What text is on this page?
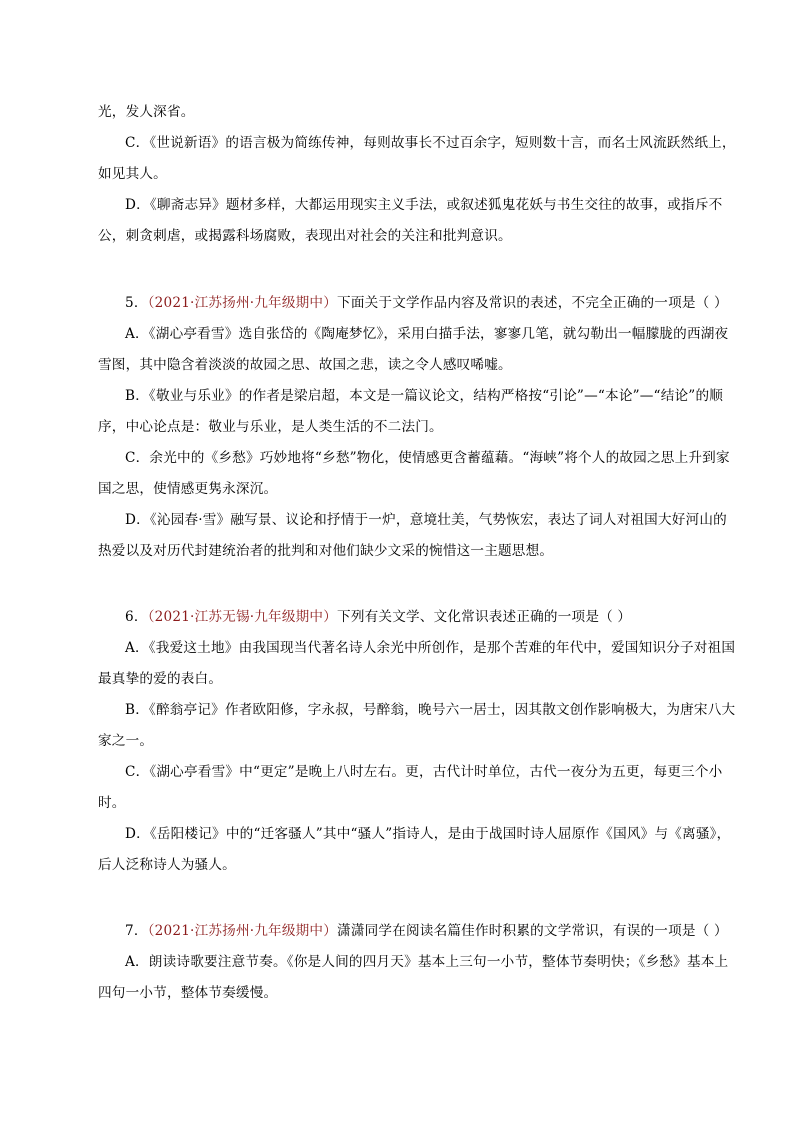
光，发人深省。
C．《世说新语》的语言极为简练传神，每则故事长不过百余字，短则数十言，而名士风流跃然纸上，
如见其人。
D．《聊斋志异》题材多样，大都运用现实主义手法，或叙述狐鬼花妖与书生交往的故事，或指斥不
公，刺贪刺虐，或揭露科场腐败，表现出对社会的关注和批判意识。
5．（2021·江苏扬州·九年级期中）下面关于文学作品内容及常识的表述，不完全正确的一项是（ ）
A．《湖心亭看雪》选自张岱的《陶庵梦忆》，采用白描手法，寥寥几笔，就勾勒出一幅朦胧的西湖夜
雪图，其中隐含着淡淡的故园之思、故国之悲，读之令人感叹唏嘘。
B．《敬业与乐业》的作者是梁启超，本文是一篇议论文，结构严格按“引论”—“本论”—“结论”的顺
序，中心论点是：敬业与乐业，是人类生活的不二法门。
C．余光中的《乡愁》巧妙地将“乡愁”物化，使情感更含蓄蕴藉。“海峡”将个人的故园之思上升到家
国之思，使情感更隽永深沉。
D．《沁园春·雪》融写景、议论和抒情于一炉，意境壮美，气势恢宏，表达了词人对祖国大好河山的
热爱以及对历代封建统治者的批判和对他们缺少文采的惋惜这一主题思想。
6．（2021·江苏无锡·九年级期中）下列有关文学、文化常识表述正确的一项是（ ）
A．《我爱这土地》由我国现当代著名诗人余光中所创作，是那个苦难的年代中，爱国知识分子对祖国
最真挚的爱的表白。
B．《醉翁亭记》作者欧阳修，字永叔，号醉翁，晚号六一居士，因其散文创作影响极大，为唐宋八大
家之一。
C．《湖心亭看雪》中“更定”是晚上八时左右。更，古代计时单位，古代一夜分为五更，每更三个小
时。
D．《岳阳楼记》中的“迁客骚人”其中“骚人”指诗人，是由于战国时诗人屈原作《国风》与《离骚》，
后人泛称诗人为骚人。
7．（2021·江苏扬州·九年级期中）潇潇同学在阅读名篇佳作时积累的文学常识，有误的一项是（ ）
A．朗读诗歌要注意节奏。《你是人间的四月天》基本上三句一小节，整体节奏明快；《乡愁》基本上
四句一小节，整体节奏缓慢。
